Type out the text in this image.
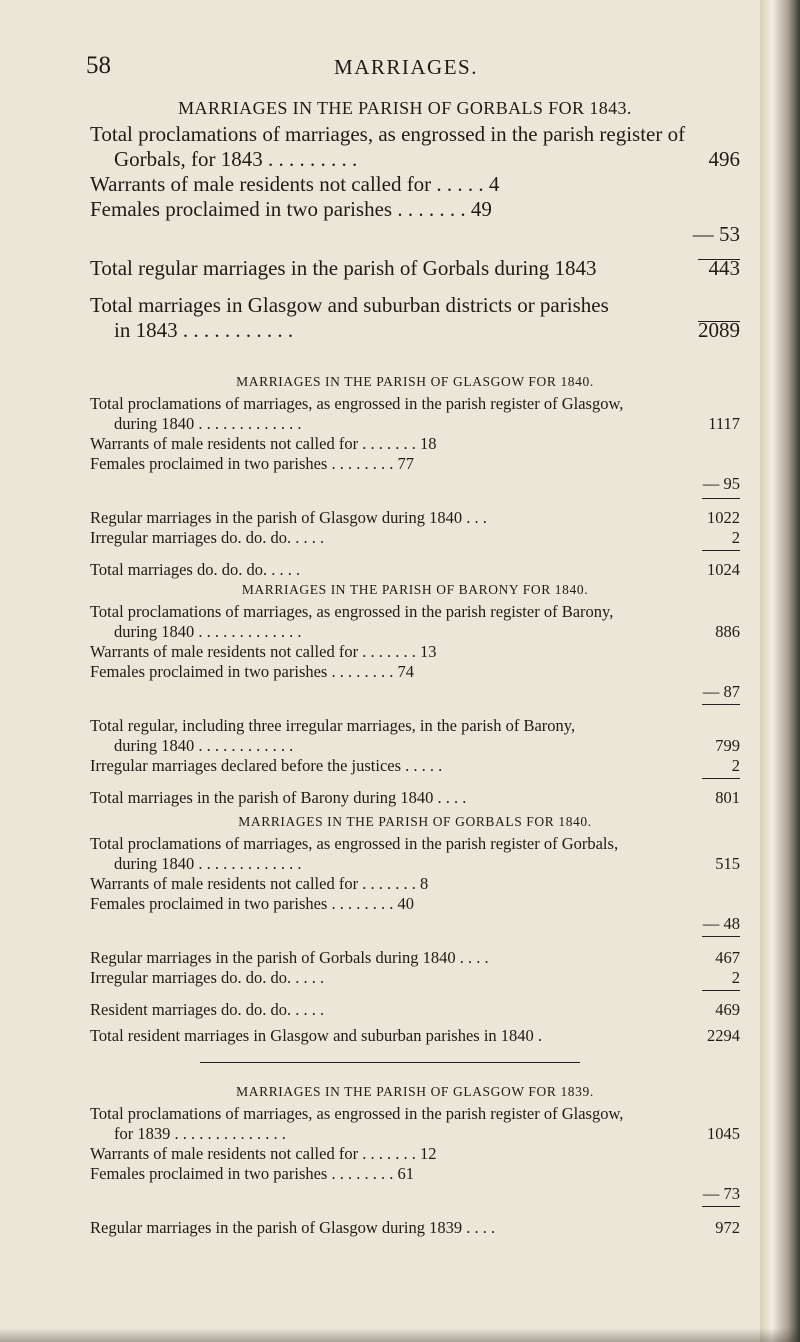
58	MARRIAGES.
MARRIAGES IN THE PARISH OF GORBALS FOR 1843.
Total proclamations of marriages, as engrossed in the parish register of
Gorbals, for 1843 . . . . . . . . .	496
Warrants of male residents not called for . . . . . 4
Females proclaimed in two parishes . . . . . . . 49
— 53
Total regular marriages in the parish of Gorbals during 1843	443
Total marriages in Glasgow and suburban districts or parishes
in 1843 . . . . . . . . . . .	2089
MARRIAGES IN THE PARISH OF GLASGOW FOR 1840.
Total proclamations of marriages, as engrossed in the parish register of Glasgow,
during 1840 . . . . . . . . . . . . .	1117
Warrants of male residents not called for . . . . . . . 18
Females proclaimed in two parishes . . . . . . . . 77
— 95
Regular marriages in the parish of Glasgow during 1840 . . .	1022
Irregular marriages do. do. do. . . . .	2
Total marriages do. do. do. . . . .	1024
MARRIAGES IN THE PARISH OF BARONY FOR 1840.
Total proclamations of marriages, as engrossed in the parish register of Barony,
during 1840 . . . . . . . . . . . . .	886
Warrants of male residents not called for . . . . . . . 13
Females proclaimed in two parishes . . . . . . . . 74
— 87
Total regular, including three irregular marriages, in the parish of Barony,
during 1840 . . . . . . . . . . . .	799
Irregular marriages declared before the justices . . . . .	2
Total marriages in the parish of Barony during 1840 . . . .	801
MARRIAGES IN THE PARISH OF GORBALS FOR 1840.
Total proclamations of marriages, as engrossed in the parish register of Gorbals,
during 1840 . . . . . . . . . . . . .	515
Warrants of male residents not called for . . . . . . . 8
Females proclaimed in two parishes . . . . . . . . 40
— 48
Regular marriages in the parish of Gorbals during 1840 . . . .	467
Irregular marriages do. do. do. . . . .	2
Resident marriages do. do. do. . . . .	469
Total resident marriages in Glasgow and suburban parishes in 1840 .	2294
MARRIAGES IN THE PARISH OF GLASGOW FOR 1839.
Total proclamations of marriages, as engrossed in the parish register of Glasgow,
for 1839 . . . . . . . . . . . . . .	1045
Warrants of male residents not called for . . . . . . . 12
Females proclaimed in two parishes . . . . . . . . 61
— 73
Regular marriages in the parish of Glasgow during 1839 . . . .	972
